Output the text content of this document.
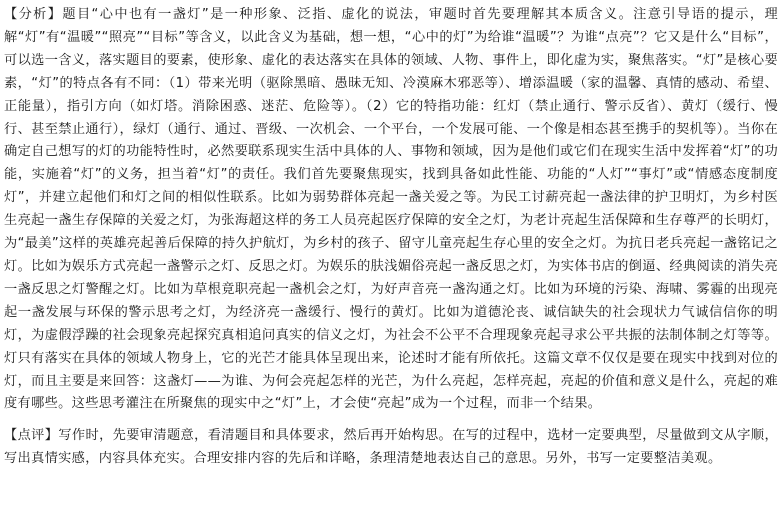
【分析】题目“心中也有一盏灯”是一种形象、泛指、虚化的说法，审题时首先要理解其本质含义。注意引导语的提示，理解“灯”有“温暖”“照亮”“目标”等含义，以此含义为基础，想一想，“心中的灯”为给谁“温暖”？为谁“点亮”？它又是什么“目标”，可以选一含义，落实题目的要素，使形象、虚化的表达落实在具体的领域、人物、事件上，即化虚为实，聚焦落实。“灯”是核心要素，“灯”的特点各有不同：（1）带来光明（驱除黑暗、愚昧无知、冷漠麻木邪恶等）、增添温暖（家的温馨、真情的感动、希望、正能量），指引方向（如灯塔。消除困惑、迷茫、危险等）。（2）它的特指功能：红灯（禁止通行、警示反省）、黄灯（缓行、慢行、甚至禁止通行），绿灯（通行、通过、晋级、一次机会、一个平台，一个发展可能、一个像是相态甚至携手的契机等）。当你在确定自己想写的灯的功能特性时，必然要联系现实生活中具体的人、事物和领域，因为是他们或它们在现实生活中发挥着“灯”的功能，实施着“灯”的义务，担当着“灯”的责任。我们首先要聚焦现实，找到具备如此性能、功能的“人灯”“事灯”或“情感态度制度灯”，并建立起他们和灯之间的相似性联系。比如为弱势群体亮起一盏关爱之等。为民工讨薪亮起一盏法律的护卫明灯，为乡村医生亮起一盏生存保障的关爱之灯，为张海超这样的务工人员亮起医疗保障的安全之灯，为老计亮起生活保障和生存尊严的长明灯，为“最美”这样的英雄亮起善后保障的持久护航灯，为乡村的孩子、留守儿童亮起生存心里的安全之灯。为抗日老兵亮起一盏铭记之灯。比如为娱乐方式亮起一盏警示之灯、反思之灯。为娱乐的肤浅媚俗亮起一盏反思之灯，为实体书店的倒逼、经典阅读的消失亮一盏反思之灯警醒之灯。比如为草根竟职亮起一盏机会之灯，为好声音亮一盏沟通之灯。比如为环境的污染、海啸、雾霾的出现亮起一盏发展与环保的警示思考之灯，为经济亮一盏缓行、慢行的黄灯。比如为道德沦丧、诚信缺失的社会现状力气诚信信你的明灯，为虚假浮躁的社会现象亮起探究真相追问真实的信义之灯，为社会不公平不合理现象亮起寻求公平共振的法制体制之灯等等。灯只有落实在具体的领域人物身上，它的光芒才能具体呈现出来，论述时才能有所依托。这篇文章不仅仅是要在现实中找到对位的灯，而且主要是来回答：这盏灯——为谁、为何会亮起怎样的光芒，为什么亮起，怎样亮起，亮起的价值和意义是什么，亮起的难度有哪些。这些思考灌注在所聚焦的现实中之“灯”上，才会使“亮起”成为一个过程，而非一个结果。

【点评】写作时，先要审清题意，看清题目和具体要求，然后再开始构思。在写的过程中，选材一定要典型，尽量做到文从字顺，写出真情实感，内容具体充实。合理安排内容的先后和详略，条理清楚地表达自己的意思。另外，书写一定要整洁美观。
